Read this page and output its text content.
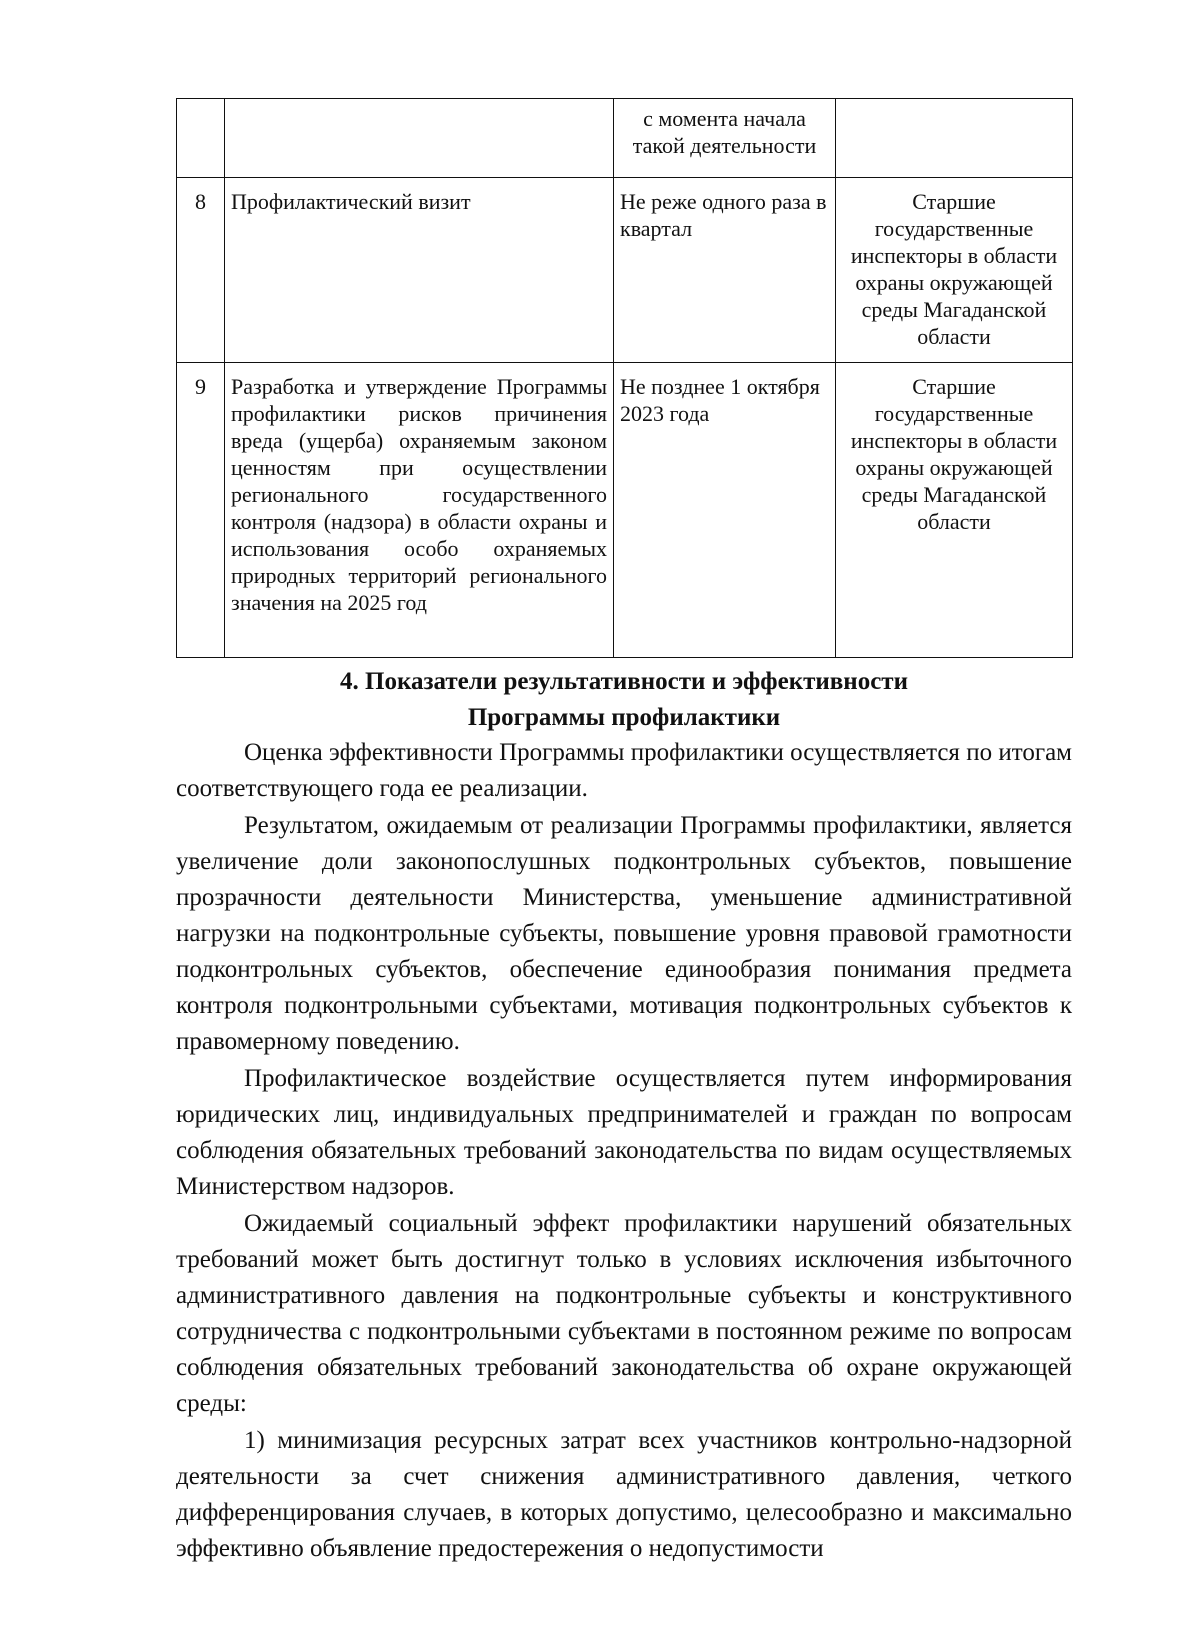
		с момента начала такой деятельности	
8	Профилактический визит	Не реже одного раза в квартал	Старшие государственные инспекторы в области охраны окружающей среды Магаданской области
9	Разработка и утверждение Программы профилактики рисков причинения вреда (ущерба) охраняемым законом ценностям при осуществлении регионального государственного контроля (надзора) в области охраны и использования особо охраняемых природных территорий регионального значения на 2025 год	Не позднее 1 октября 2023 года	Старшие государственные инспекторы в области охраны окружающей среды Магаданской области
4. Показатели результативности и эффективности
Программы профилактики

Оценка эффективности Программы профилактики осуществляется по итогам соответствующего года ее реализации.

Результатом, ожидаемым от реализации Программы профилактики, является увеличение доли законопослушных подконтрольных субъектов, повышение прозрачности деятельности Министерства, уменьшение административной нагрузки на подконтрольные субъекты, повышение уровня правовой грамотности подконтрольных субъектов, обеспечение единообразия понимания предмета контроля подконтрольными субъектами, мотивация подконтрольных субъектов к правомерному поведению.

Профилактическое воздействие осуществляется путем информирования юридических лиц, индивидуальных предпринимателей и граждан по вопросам соблюдения обязательных требований законодательства по видам осуществляемых Министерством надзоров.

Ожидаемый социальный эффект профилактики нарушений обязательных требований может быть достигнут только в условиях исключения избыточного административного давления на подконтрольные субъекты и конструктивного сотрудничества с подконтрольными субъектами в постоянном режиме по вопросам соблюдения обязательных требований законодательства об охране окружающей среды:

1) минимизация ресурсных затрат всех участников контрольно-надзорной деятельности за счет снижения административного давления, четкого дифференцирования случаев, в которых допустимо, целесообразно и максимально эффективно объявление предостережения о недопустимости
